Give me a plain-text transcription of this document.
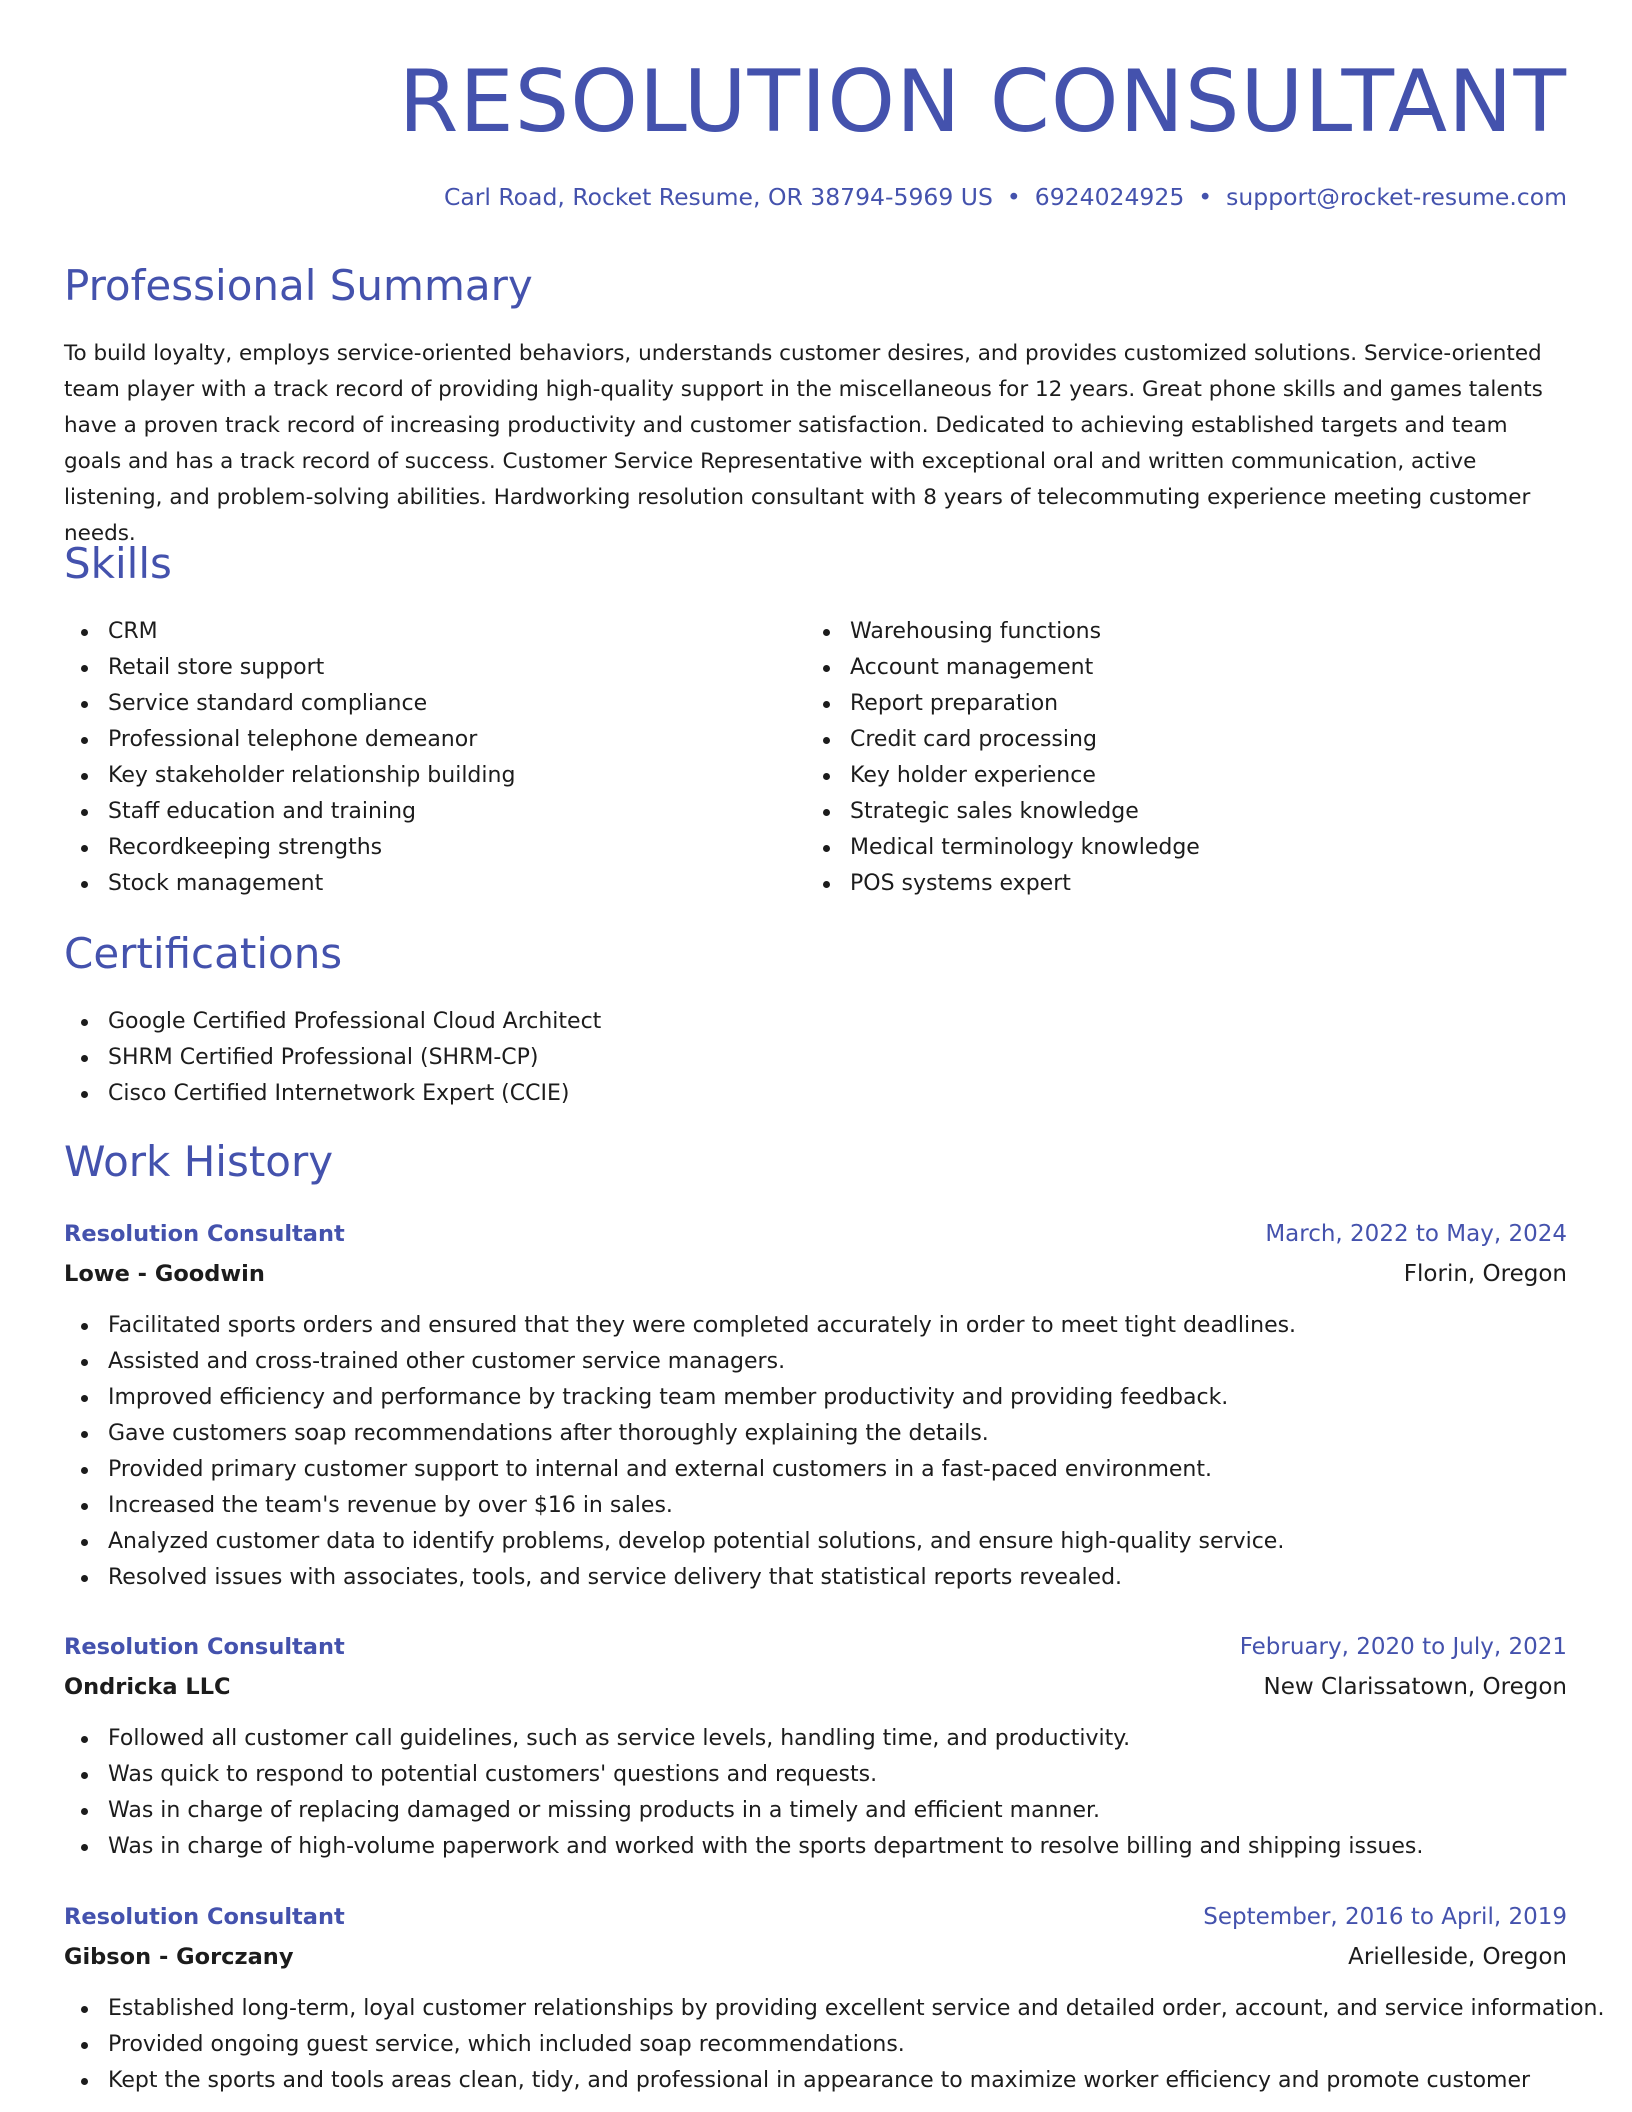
RESOLUTION CONSULTANT
Carl Road, Rocket Resume, OR 38794-5969 US • 6924024925 • support@rocket-resume.com
Professional Summary
To build loyalty, employs service-oriented behaviors, understands customer desires, and provides customized solutions. Service-oriented team player with a track record of providing high-quality support in the miscellaneous for 12 years. Great phone skills and games talents have a proven track record of increasing productivity and customer satisfaction. Dedicated to achieving established targets and team goals and has a track record of success. Customer Service Representative with exceptional oral and written communication, active listening, and problem-solving abilities. Hardworking resolution consultant with 8 years of telecommuting experience meeting customer needs.
Skills
CRM
Retail store support
Service standard compliance
Professional telephone demeanor
Key stakeholder relationship building
Staff education and training
Recordkeeping strengths
Stock management
Warehousing functions
Account management
Report preparation
Credit card processing
Key holder experience
Strategic sales knowledge
Medical terminology knowledge
POS systems expert
Certifications
Google Certified Professional Cloud Architect
SHRM Certified Professional (SHRM-CP)
Cisco Certified Internetwork Expert (CCIE)
Work History
Resolution Consultant	March, 2022 to May, 2024
Lowe - Goodwin	Florin, Oregon
Facilitated sports orders and ensured that they were completed accurately in order to meet tight deadlines.
Assisted and cross-trained other customer service managers.
Improved efficiency and performance by tracking team member productivity and providing feedback.
Gave customers soap recommendations after thoroughly explaining the details.
Provided primary customer support to internal and external customers in a fast-paced environment.
Increased the team's revenue by over $16 in sales.
Analyzed customer data to identify problems, develop potential solutions, and ensure high-quality service.
Resolved issues with associates, tools, and service delivery that statistical reports revealed.
Resolution Consultant	February, 2020 to July, 2021
Ondricka LLC	New Clarissatown, Oregon
Followed all customer call guidelines, such as service levels, handling time, and productivity.
Was quick to respond to potential customers' questions and requests.
Was in charge of replacing damaged or missing products in a timely and efficient manner.
Was in charge of high-volume paperwork and worked with the sports department to resolve billing and shipping issues.
Resolution Consultant	September, 2016 to April, 2019
Gibson - Gorczany	Arielleside, Oregon
Established long-term, loyal customer relationships by providing excellent service and detailed order, account, and service information.
Provided ongoing guest service, which included soap recommendations.
Kept the sports and tools areas clean, tidy, and professional in appearance to maximize worker efficiency and promote customer
